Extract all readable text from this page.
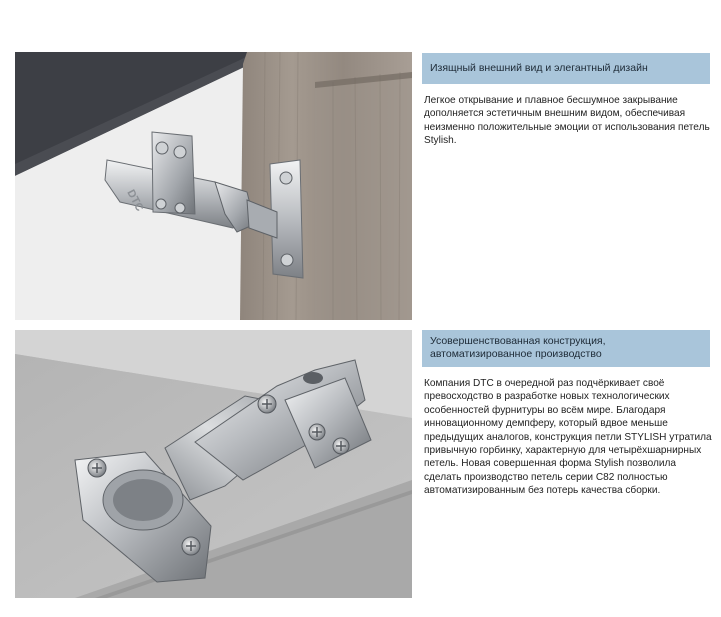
DTC
Изящный внешний вид и элегантный дизайн
Легкое открывание и плавное бесшумное закрывание дополняется эстетичным внешним видом, обеспечивая неизменно положительные эмоции от использования петель Stylish.
Усовершенствованная конструкция, автоматизированное производство
Компания DTC в очередной раз подчёркивает своё превосходство в разработке новых технологических особенностей фурнитуры во всём мире. Благодаря инновационному демпферу, который вдвое меньше предыдущих аналогов, конструкция петли STYLISH утратила привычную горбинку, характерную для четырёхшарнирных петель. Новая совершенная форма Stylish позволила сделать производство петель серии C82 полностью автоматизированным без потерь качества сборки.
